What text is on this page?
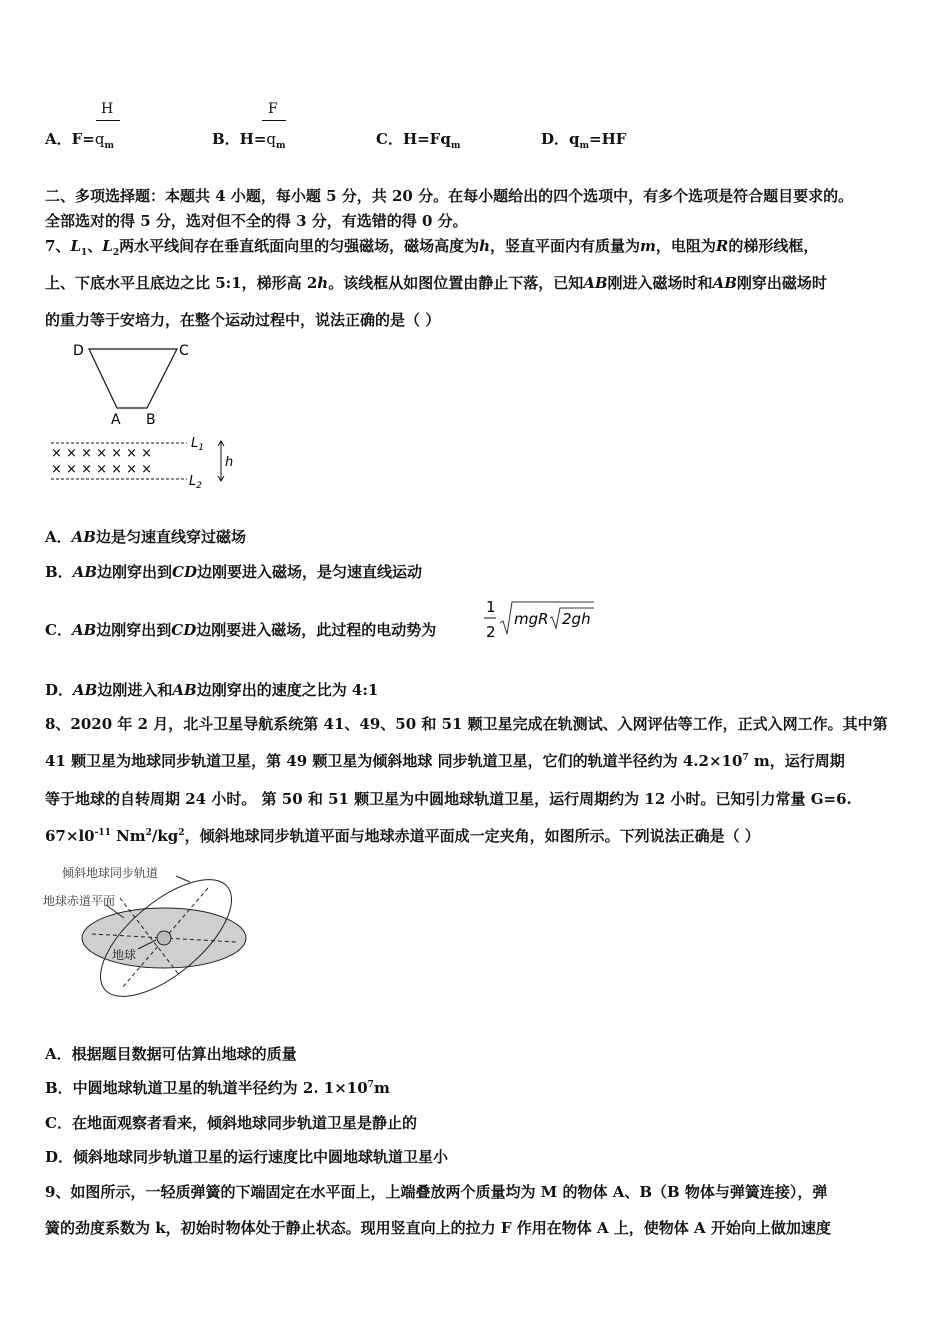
A．$F=q_m$
H
B．$H=q_m$
F
C．$H=Fq_m$	D．$q_m=HF$
二、多项选择题：本题共 4 小题，每小题 5 分，共 20 分。在每小题给出的四个选项中，有多个选项是符合题目要求的。
全部选对的得 5 分，选对但不全的得 3 分，有选错的得 0 分。
7、$L_1$、$L_2$两水平线间存在垂直纸面向里的匀强磁场，磁场高度为h，竖直平面内有质量为m，电阻为R的梯形线框，
上、下底水平且底边之比 5:1，梯形高 2h。该线框从如图位置由静止下落，已知AB刚进入磁场时和AB刚穿出磁场时
的重力等于安培力，在整个运动过程中，说法正确的是（ ）
D	C
A B
× × × × × × ×
× × × × × × ×
$L_1$
$L_2$
h
A．AB边是匀速直线穿过磁场
B．AB边刚穿出到CD边刚要进入磁场，是匀速直线运动
C．AB边刚穿出到CD边刚要进入磁场，此过程的电动势为
1
2
mgR 2gh
D．AB边刚进入和AB边刚穿出的速度之比为 4:1
8、2020 年 2 月，北斗卫星导航系统第 41、49、50 和 51 颗卫星完成在轨测试、入网评估等工作，正式入网工作。其中第
41 颗卫星为地球同步轨道卫星，第 49 颗卫星为倾斜地球 同步轨道卫星，它们的轨道半径约为 $4.2\times 10^7$ m，运行周期
等于地球的自转周期 24 小时。 第 50 和 51 颗卫星为中圆地球轨道卫星，运行周期约为 12 小时。已知引力常量 G=6.
$67\times l0^{-11}$ $Nm^2/kg^2$，倾斜地球同步轨道平面与地球赤道平面成一定夹角，如图所示。下列说法正确是（ ）
倾斜地球同步轨道
地球赤道平面
地球
A．根据题目数据可估算出地球的质量
B．中圆地球轨道卫星的轨道半径约为 2. $1\times 10^7m$
C．在地面观察者看来，倾斜地球同步轨道卫星是静止的
D．倾斜地球同步轨道卫星的运行速度比中圆地球轨道卫星小
9、如图所示，一轻质弹簧的下端固定在水平面上，上端叠放两个质量均为 M 的物体 A、B（B 物体与弹簧连接），弹
簧的劲度系数为 k，初始时物体处于静止状态。现用竖直向上的拉力 F 作用在物体 A 上，使物体 A 开始向上做加速度
